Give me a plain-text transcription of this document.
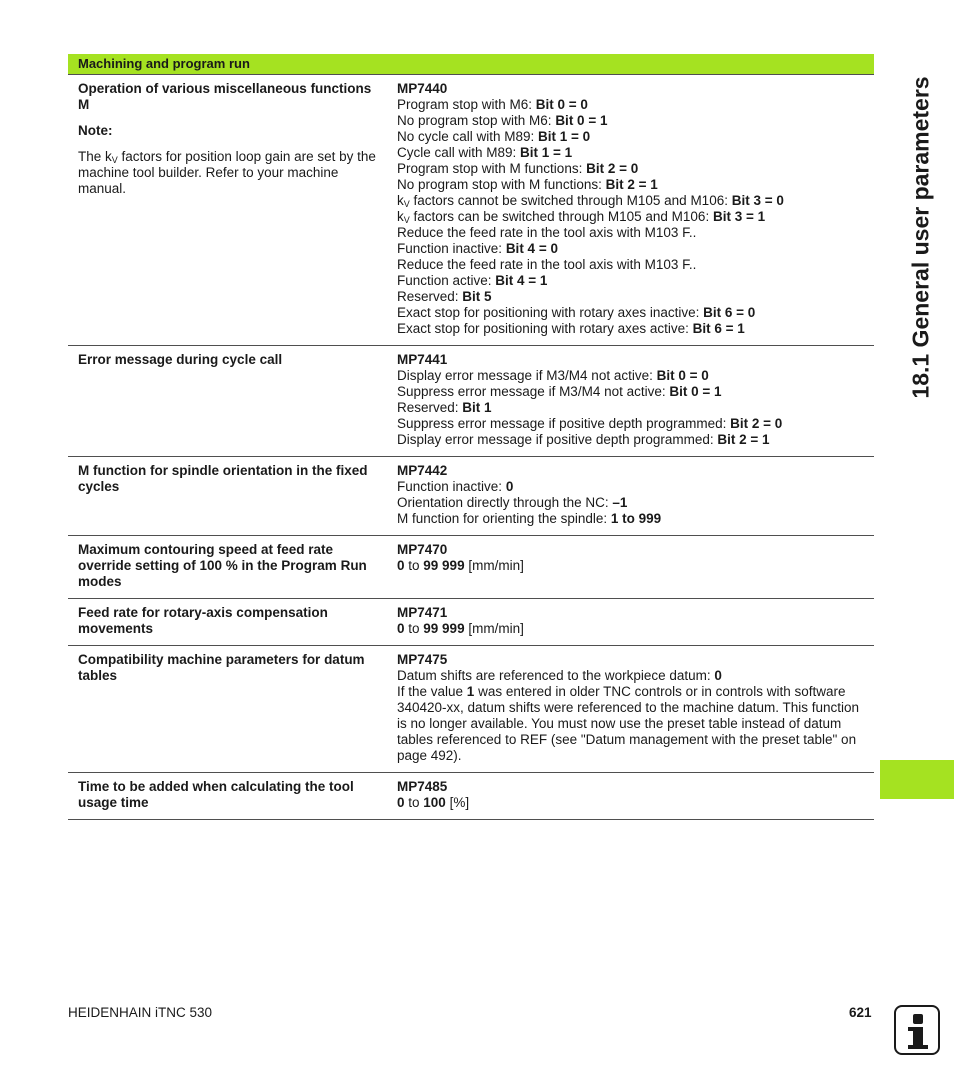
Machining and program run
Operation of various miscellaneous functions M
Note:
The $k_V$ factors for position loop gain are set by the machine tool builder. Refer to your machine manual.
MP7440
Program stop with M6: Bit 0 = 0
No program stop with M6: Bit 0 = 1
No cycle call with M89: Bit 1 = 0
Cycle call with M89: Bit 1 = 1
Program stop with M functions: Bit 2 = 0
No program stop with M functions: Bit 2 = 1
$k_V$ factors cannot be switched through M105 and M106: Bit 3 = 0
$k_V$ factors can be switched through M105 and M106: Bit 3 = 1
Reduce the feed rate in the tool axis with M103 F..
Function inactive: Bit 4 = 0
Reduce the feed rate in the tool axis with M103 F..
Function active: Bit 4 = 1
Reserved: Bit 5
Exact stop for positioning with rotary axes inactive: Bit 6 = 0
Exact stop for positioning with rotary axes active: Bit 6 = 1
Error message during cycle call	MP7441
Display error message if M3/M4 not active: Bit 0 = 0
Suppress error message if M3/M4 not active: Bit 0 = 1
Reserved: Bit 1
Suppress error message if positive depth programmed: Bit 2 = 0
Display error message if positive depth programmed: Bit 2 = 1
M function for spindle orientation in the fixed cycles
MP7442
Function inactive: 0
Orientation directly through the NC: –1
M function for orienting the spindle: 1 to 999
Maximum contouring speed at feed rate override setting of 100 % in the Program Run modes
MP7470
0 to 99 999 [mm/min]
Feed rate for rotary-axis compensation movements
MP7471
0 to 99 999 [mm/min]
Compatibility machine parameters for datum tables
MP7475
Datum shifts are referenced to the workpiece datum: 0
If the value 1 was entered in older TNC controls or in controls with software 340420-xx, datum shifts were referenced to the machine datum. This function is no longer available. You must now use the preset table instead of datum tables referenced to REF (see "Datum management with the preset table" on page 492).
Time to be added when calculating the tool usage time
MP7485
0 to 100 [%]
18.1 General user parameters
HEIDENHAIN iTNC 530	621
